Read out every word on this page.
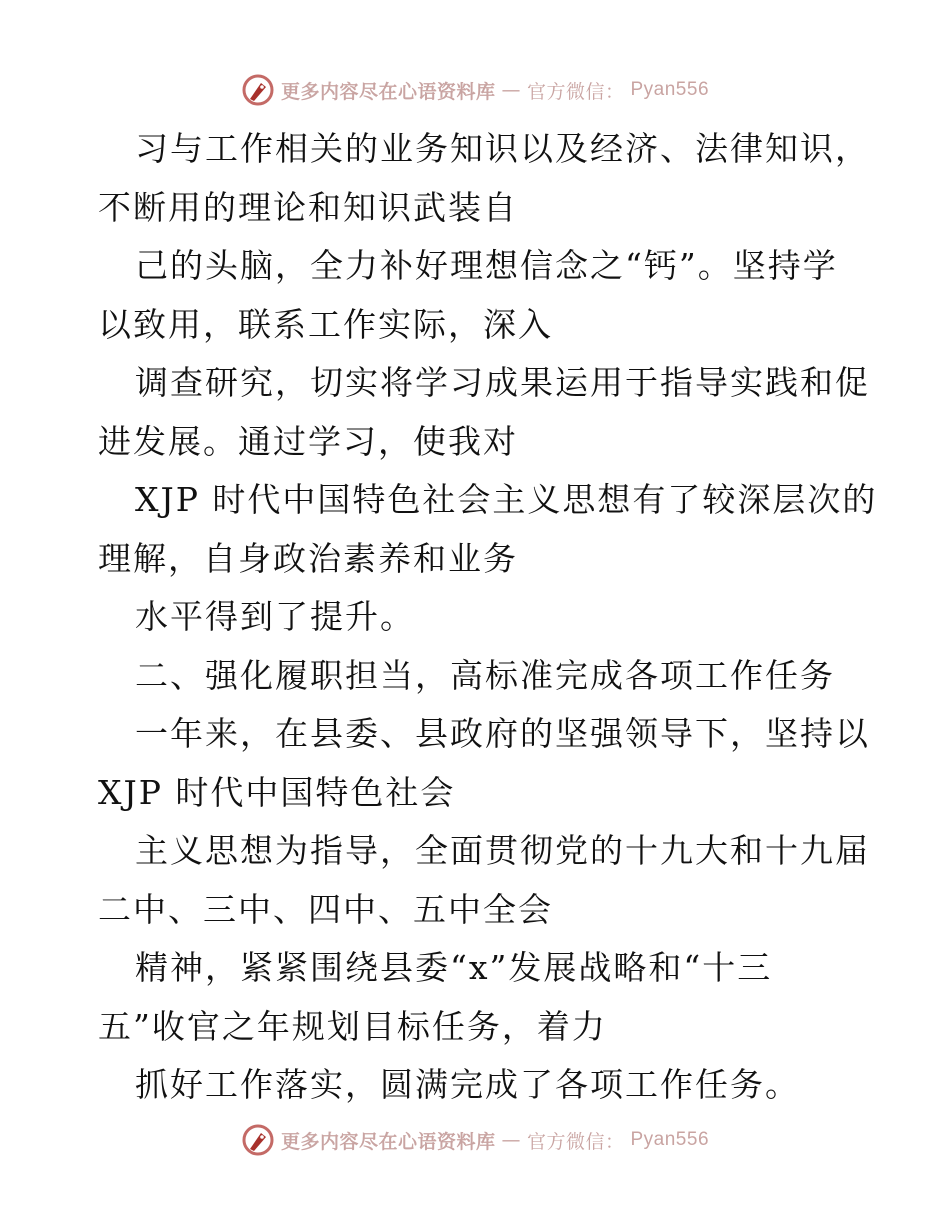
更多内容尽在心语资料库 — 官方微信： Pyan556
习与工作相关的业务知识以及经济、法律知识，
不断用的理论和知识武装自
己的头脑，全力补好理想信念之“钙”。坚持学
以致用，联系工作实际，深入
调查研究，切实将学习成果运用于指导实践和促
进发展。通过学习，使我对
XJP 时代中国特色社会主义思想有了较深层次的
理解，自身政治素养和业务
水平得到了提升。
二、强化履职担当，高标准完成各项工作任务
一年来，在县委、县政府的坚强领导下，坚持以
XJP 时代中国特色社会
主义思想为指导，全面贯彻党的十九大和十九届
二中、三中、四中、五中全会
精神，紧紧围绕县委“x”发展战略和“十三
五”收官之年规划目标任务，着力
抓好工作落实，圆满完成了各项工作任务。
更多内容尽在心语资料库 — 官方微信： Pyan556
